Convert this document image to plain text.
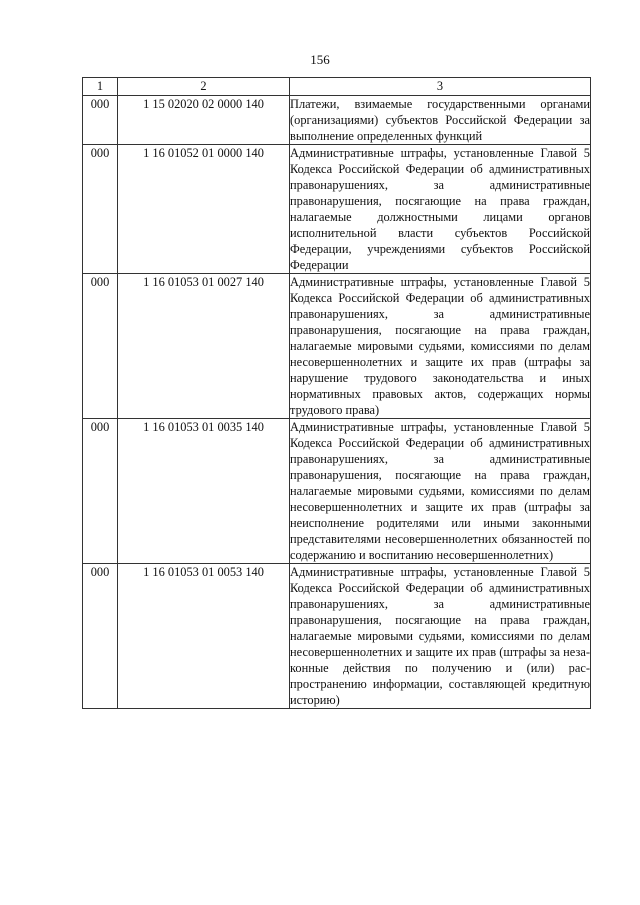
156
1	2	3
000	1 15 02020 02 0000 140	Платежи, взимаемые государственными органами (организациями) субъектов Российской Федерации за выполнение определенных функций
000	1 16 01052 01 0000 140	Административные штрафы, установленные Главой 5 Кодекса Российской Федерации об административных правонарушениях, за административные правонарушения, посягающие на права граждан, налагаемые должностными лицами органов исполнительной власти субъектов Российской Федерации, учреждениями субъектов Российской Федерации
000	1 16 01053 01 0027 140	Административные штрафы, установленные Главой 5 Кодекса Российской Федерации об административных правонарушениях, за административные правонарушения, посягающие на права граждан, налагаемые мировыми судьями, комиссиями по делам несовершеннолетних и защите их прав (штрафы за нарушение трудового законодательства и иных нормативных правовых актов, содержащих нормы трудового права)
000	1 16 01053 01 0035 140	Административные штрафы, установленные Главой 5 Кодекса Российской Федерации об административных правонарушениях, за административные правонарушения, посягающие на права граждан, налагаемые мировыми судьями, комиссиями по делам несовершеннолетних и защите их прав (штрафы за неисполнение родителями или иными законными представителями несовершеннолетних обязанностей по содержанию и воспитанию несовершеннолетних)
000	1 16 01053 01 0053 140	Административные штрафы, установленные Главой 5 Кодекса Российской Федерации об административных правонарушениях, за административные правонарушения, посягающие на права граждан, налагаемые мировыми судьями, комиссиями по делам несовершеннолетних и защите их прав (штрафы за незаконные действия по получению и (или) распространению информации, составляющей кредитную историю)
